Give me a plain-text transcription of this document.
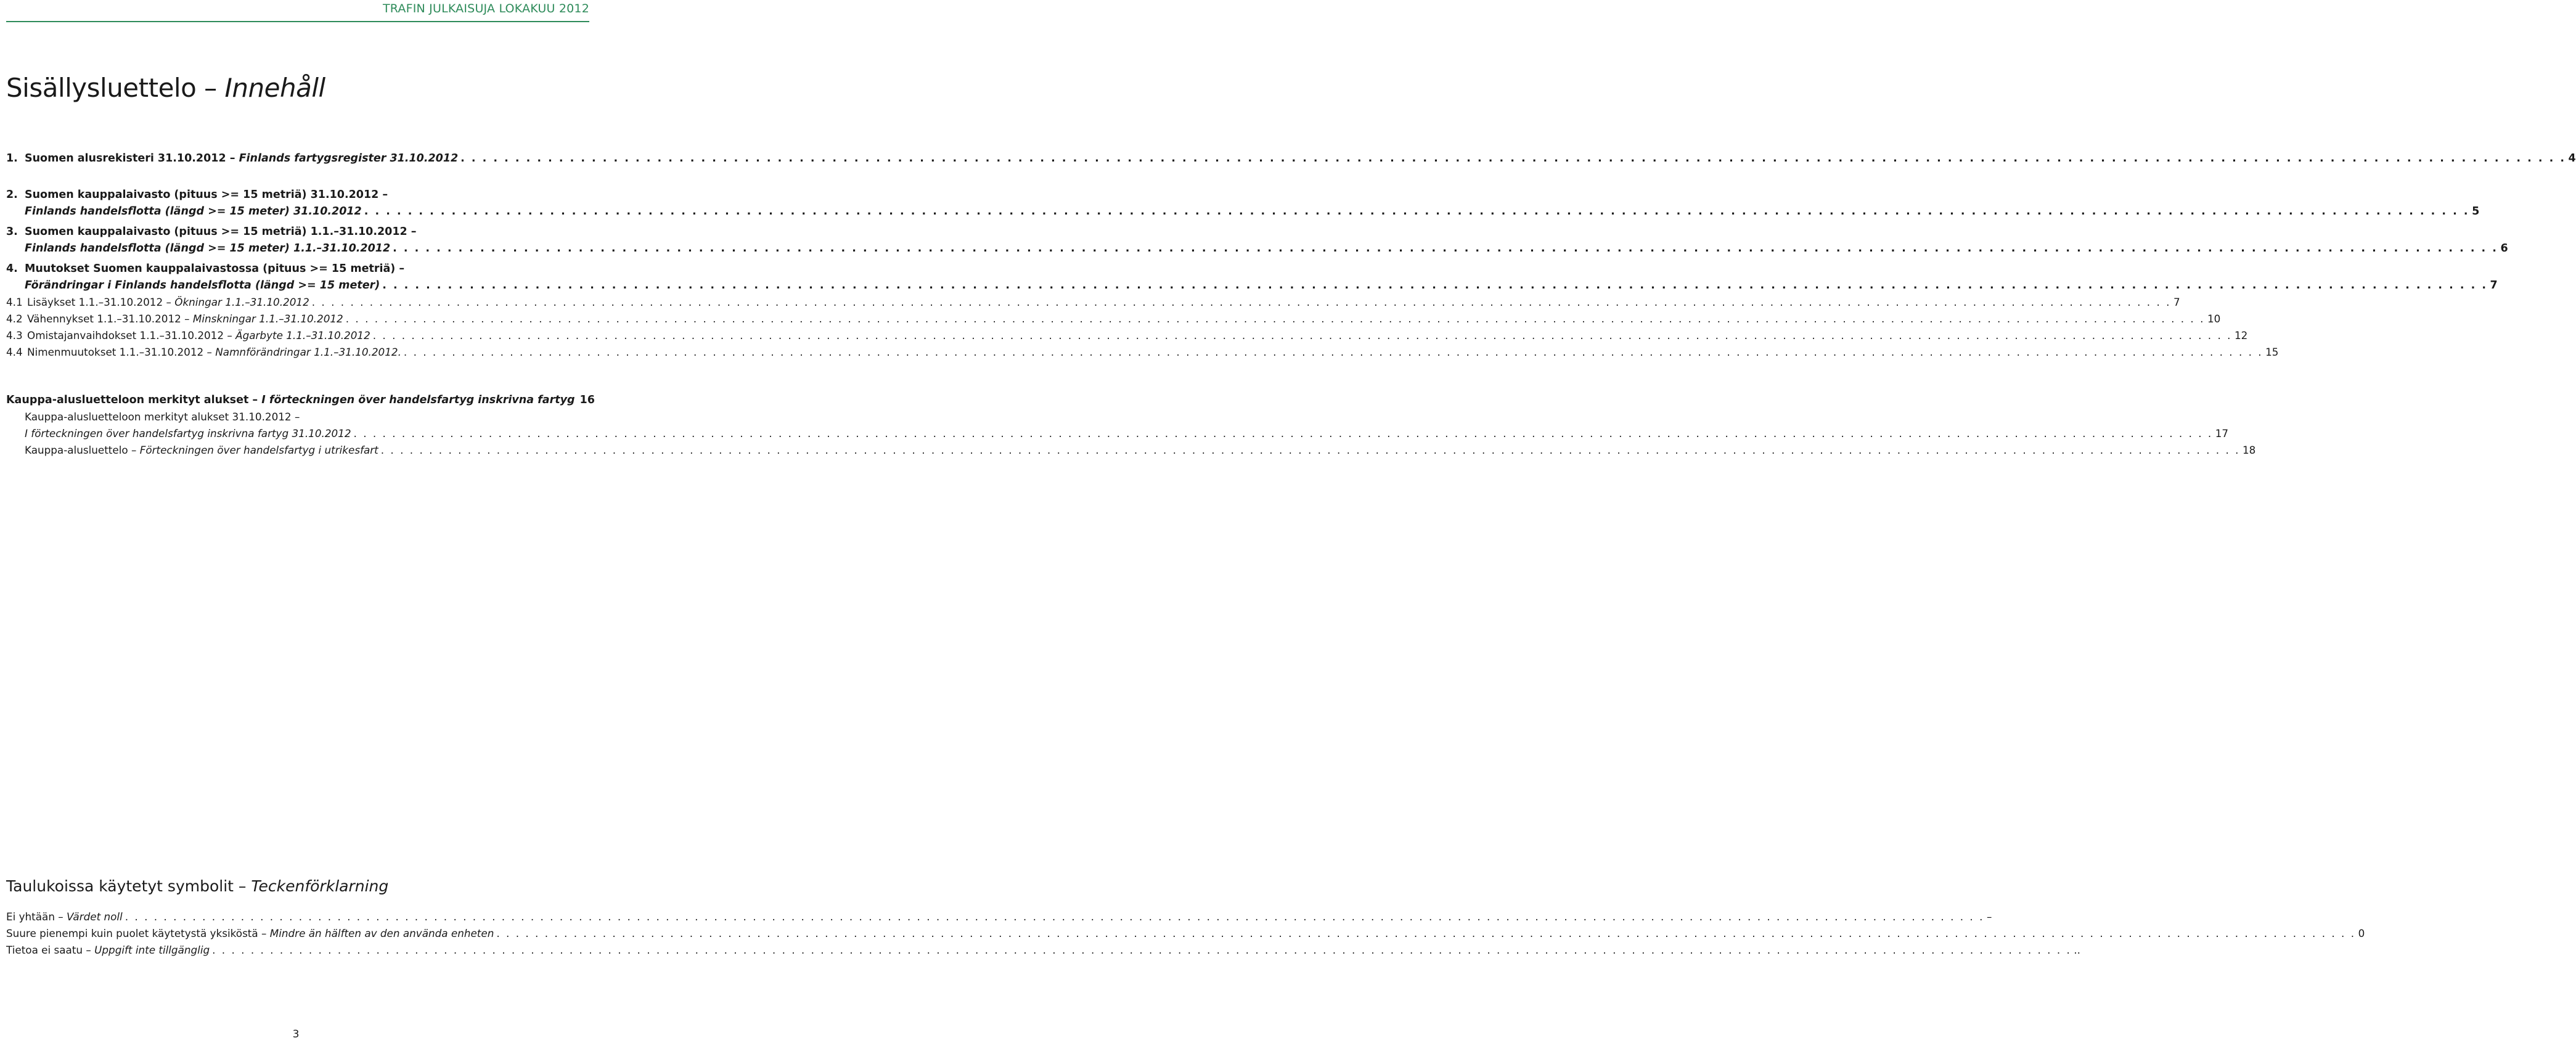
TRAFIN JULKAISUJA LOKAKUU 2012
Sisällysluettelo – Innehåll
1. Suomen alusrekisteri 31.10.2012 – Finlands fartygsregister 31.10.2012 . . .	4
2. Suomen kauppalaivasto (pituus >= 15 metriä) 31.10.2012 –
Finlands handelsflotta (längd >= 15 meter) 31.10.2012 . . .	5
3. Suomen kauppalaivasto (pituus >= 15 metriä) 1.1.–31.10.2012 –
Finlands handelsflotta (längd >= 15 meter) 1.1.–31.10.2012 . . .	6
4. Muutokset Suomen kauppalaivastossa (pituus >= 15 metriä) –
Förändringar i Finlands handelsflotta (längd >= 15 meter) . . .	7
4.1 Lisäykset 1.1.–31.10.2012 – Ökningar 1.1.–31.10.2012 . . .	7
4.2 Vähennykset 1.1.–31.10.2012 – Minskningar 1.1.–31.10.2012 . . .	10
4.3 Omistajanvaihdokset 1.1.–31.10.2012 – Ägarbyte 1.1.–31.10.2012 . . .	12
4.4 Nimenmuutokset 1.1.–31.10.2012 – Namnförändringar 1.1.–31.10.2012. . . .	15
Kauppa-alusluetteloon merkityt alukset – I förteckningen över handelsfartyg inskrivna fartyg 16
Kauppa-alusluetteloon merkityt alukset 31.10.2012 –
I förteckningen över handelsfartyg inskrivna fartyg 31.10.2012 . . .	17
Kauppa-alusluettelo – Förteckningen över handelsfartyg i utrikesfart . . .	18
Taulukoissa käytetyt symbolit – Teckenförklarning
Ei yhtään – Värdet noll . . .	–
Suure pienempi kuin puolet käytetystä yksiköstä – Mindre än hälften av den använda enheten . . .	0
Tietoa ei saatu – Uppgift inte tillgänglig . . .	..
3
